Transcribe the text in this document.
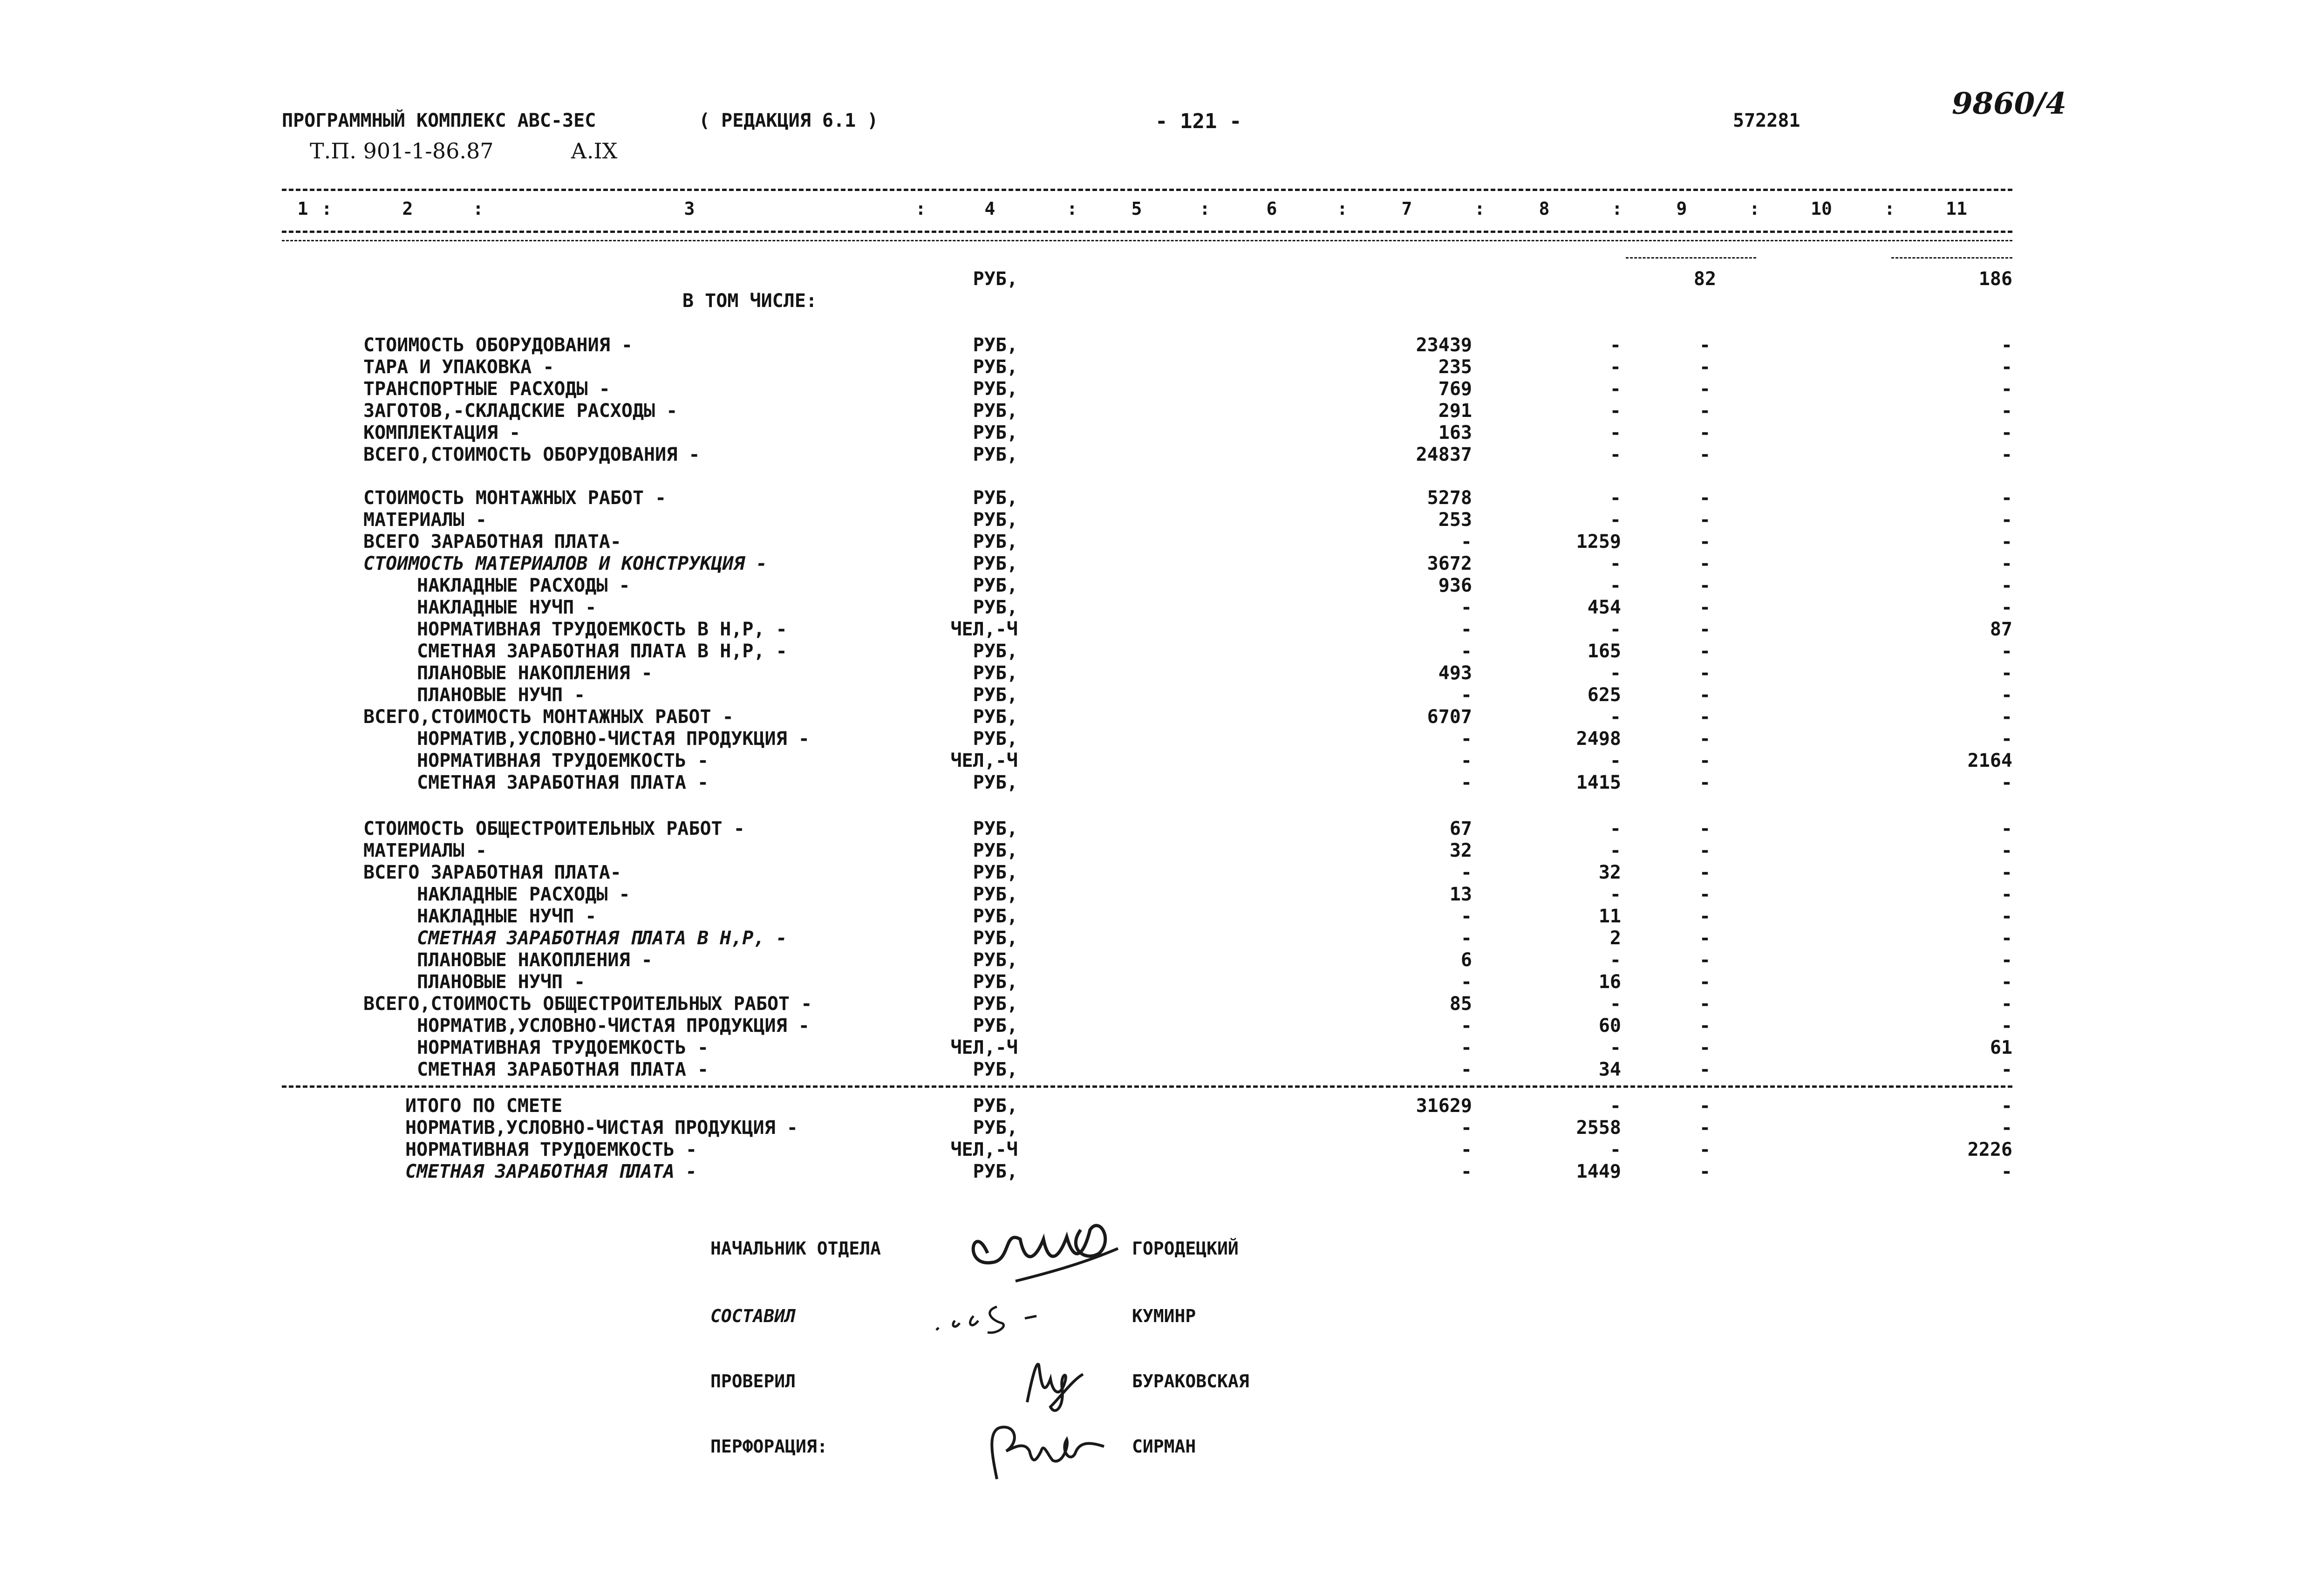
ПРОГРАММНЫЙ КОМПЛЕКС АВС-3ЕС	( РЕДАКЦИЯ 6.1 )	- 121 -	572281	9860/4
Т.П. 901-1-86.87	А.IX
1	2	3	4	5	6	7	8	9	10	11
:	:	:	:	:	:	:	:	:	:
РУБ,	82	186
В ТОМ ЧИСЛЕ:
СТОИМОСТЬ ОБОРУДОВАНИЯ -	РУБ,	23439	-	-	-
ТАРА И УПАКОВКА -	РУБ,	235	-	-	-
ТРАНСПОРТНЫЕ РАСХОДЫ -	РУБ,	769	-	-	-
ЗАГОТОВ,-СКЛАДСКИЕ РАСХОДЫ -	РУБ,	291	-	-	-
КОМПЛЕКТАЦИЯ -	РУБ,	163	-	-	-
ВСЕГО,СТОИМОСТЬ ОБОРУДОВАНИЯ -	РУБ,	24837	-	-	-
СТОИМОСТЬ МОНТАЖНЫХ РАБОТ -	РУБ,	5278	-	-	-
МАТЕРИАЛЫ -	РУБ,	253	-	-	-
ВСЕГО ЗАРАБОТНАЯ ПЛАТА-	РУБ,	-	1259	-	-
СТОИМОСТЬ МАТЕРИАЛОВ И КОНСТРУКЦИЯ -	РУБ,	3672	-	-	-
НАКЛАДНЫЕ РАСХОДЫ -	РУБ,	936	-	-	-
НАКЛАДНЫЕ НУЧП -	РУБ,	-	454	-	-
НОРМАТИВНАЯ ТРУДОЕМКОСТЬ В Н,Р, -	ЧЕЛ,-Ч	-	-	-	87
СМЕТНАЯ ЗАРАБОТНАЯ ПЛАТА В Н,Р, -	РУБ,	-	165	-	-
ПЛАНОВЫЕ НАКОПЛЕНИЯ -	РУБ,	493	-	-	-
ПЛАНОВЫЕ НУЧП -	РУБ,	-	625	-	-
ВСЕГО,СТОИМОСТЬ МОНТАЖНЫХ РАБОТ -	РУБ,	6707	-	-	-
НОРМАТИВ,УСЛОВНО-ЧИСТАЯ ПРОДУКЦИЯ -	РУБ,	-	2498	-	-
НОРМАТИВНАЯ ТРУДОЕМКОСТЬ -	ЧЕЛ,-Ч	-	-	-	2164
СМЕТНАЯ ЗАРАБОТНАЯ ПЛАТА -	РУБ,	-	1415	-	-
СТОИМОСТЬ ОБЩЕСТРОИТЕЛЬНЫХ РАБОТ -	РУБ,	67	-	-	-
МАТЕРИАЛЫ -	РУБ,	32	-	-	-
ВСЕГО ЗАРАБОТНАЯ ПЛАТА-	РУБ,	-	32	-	-
НАКЛАДНЫЕ РАСХОДЫ -	РУБ,	13	-	-	-
НАКЛАДНЫЕ НУЧП -	РУБ,	-	11	-	-
СМЕТНАЯ ЗАРАБОТНАЯ ПЛАТА В Н,Р, -	РУБ,	-	2	-	-
ПЛАНОВЫЕ НАКОПЛЕНИЯ -	РУБ,	6	-	-	-
ПЛАНОВЫЕ НУЧП -	РУБ,	-	16	-	-
ВСЕГО,СТОИМОСТЬ ОБЩЕСТРОИТЕЛЬНЫХ РАБОТ -	РУБ,	85	-	-	-
НОРМАТИВ,УСЛОВНО-ЧИСТАЯ ПРОДУКЦИЯ -	РУБ,	-	60	-	-
НОРМАТИВНАЯ ТРУДОЕМКОСТЬ -	ЧЕЛ,-Ч	-	-	-	61
СМЕТНАЯ ЗАРАБОТНАЯ ПЛАТА -	РУБ,	-	34	-	-
ИТОГО ПО СМЕТЕ	РУБ,	31629	-	-	-
НОРМАТИВ,УСЛОВНО-ЧИСТАЯ ПРОДУКЦИЯ -	РУБ,	-	2558	-	-
НОРМАТИВНАЯ ТРУДОЕМКОСТЬ -	ЧЕЛ,-Ч	-	-	-	2226
СМЕТНАЯ ЗАРАБОТНАЯ ПЛАТА -	РУБ,	-	1449	-	-
НАЧАЛЬНИК ОТДЕЛА	ГОРОДЕЦКИЙ
СОСТАВИЛ	КУМИНР
ПРОВЕРИЛ	БУРАКОВСКАЯ
ПЕРФОРАЦИЯ:	СИРМАН
